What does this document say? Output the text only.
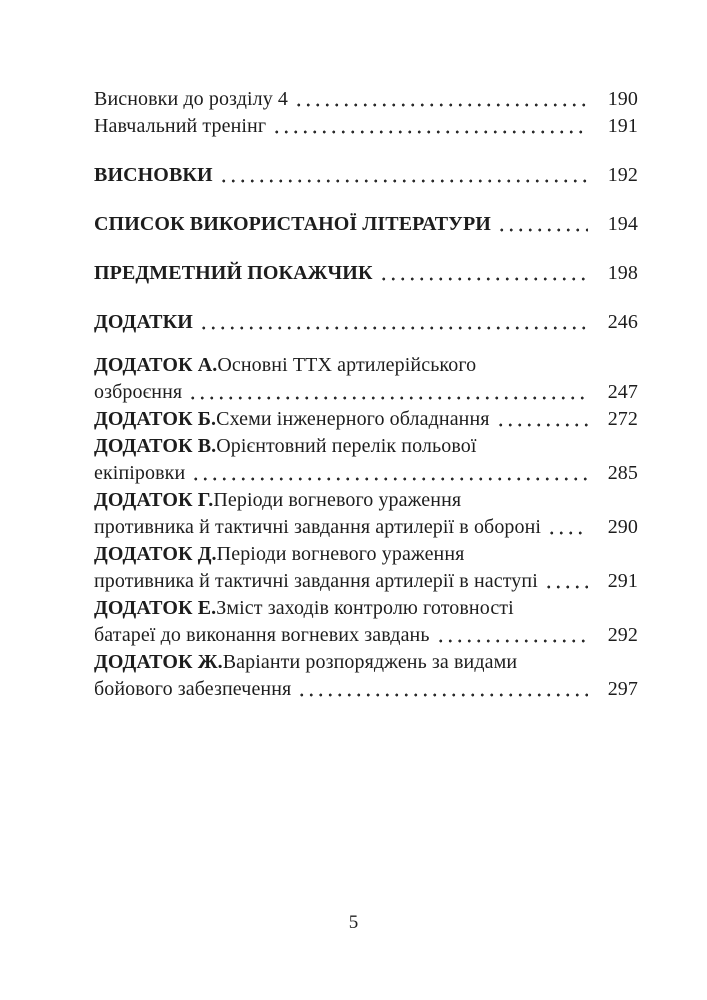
Висновки до розділу 4	190
Навчальний тренінг	191
ВИСНОВКИ	192
СПИСОК ВИКОРИСТАНОЇ ЛІТЕРАТУРИ	194
ПРЕДМЕТНИЙ ПОКАЖЧИК	198
ДОДАТКИ	246
ДОДАТОК А. Основні ТТХ артилерійського
озброєння	247
ДОДАТОК Б. Схеми інженерного обладнання	272
ДОДАТОК В. Орієнтовний перелік польової
екіпіровки	285
ДОДАТОК Г. Періоди вогневого ураження
противника й тактичні завдання артилерії в обороні	290
ДОДАТОК Д. Періоди вогневого ураження
противника й тактичні завдання артилерії в наступі	291
ДОДАТОК Е. Зміст заходів контролю готовності
батареї до виконання вогневих завдань	292
ДОДАТОК Ж. Варіанти розпоряджень за видами
бойового забезпечення	297
5
